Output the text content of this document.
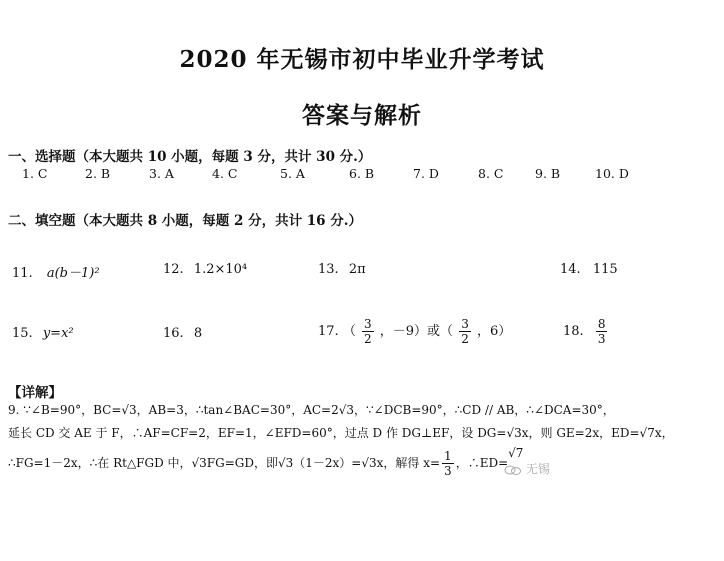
2020 年无锡市初中毕业升学考试
答案与解析
一、选择题（本大题共 10 小题，每题 3 分，共计 30 分.）
1. C	2. B	3. A	4. C	5. A	6. B	7. D	8. C	9. B	10. D
二、填空题（本大题共 8 小题，每题 2 分，共计 16 分.）
11. a(b－1)²	12. 1.2×10⁴	13. 2π	14. 115
15. y=x²	16. 8	17. （ $\frac{3}{2}$ ，－9）或（ $\frac{3}{2}$ ，6）	18. $\frac{8}{3}$
【详解】
9. ∵∠B=90°，BC=√3，AB=3，∴tan∠BAC=30°，AC=2√3，∵∠DCB=90°，∴CD // AB，∴∠DCA=30°，
延长 CD 交 AE 于 F，∴AF=CF=2，EF=1，∠EFD=60°，过点 D 作 DG⊥EF，设 DG=√3x，则 GE=2x，ED=√7x，
∴FG=1－2x，∴在 Rt△FGD 中，√3FG=GD，即√3（1－2x）=√3x，解得 $x= \frac{1}{3}$ ，∴ED=√7
无锡
